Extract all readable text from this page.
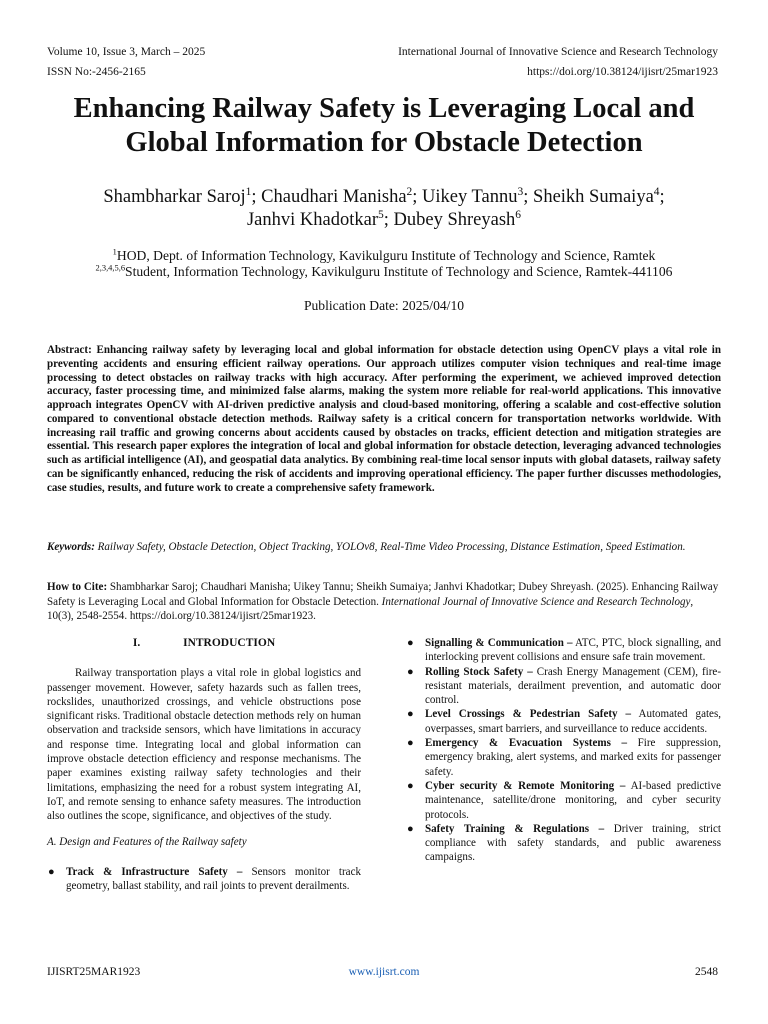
Volume 10, Issue 3, March – 2025
ISSN No:-2456-2165
International Journal of Innovative Science and Research Technology
https://doi.org/10.38124/ijisrt/25mar1923
Enhancing Railway Safety is Leveraging Local and
Global Information for Obstacle Detection
Shambharkar Saroj$^1$; Chaudhari Manisha$^2$; Uikey Tannu$^3$; Sheikh Sumaiya$^4$;
Janhvi Khadotkar$^5$; Dubey Shreyash$^6$
$^1$HOD, Dept. of Information Technology, Kavikulguru Institute of Technology and Science, Ramtek
$^{2,3,4,5,6}$Student, Information Technology, Kavikulguru Institute of Technology and Science, Ramtek-441106
Publication Date: 2025/04/10
Abstract: Enhancing railway safety by leveraging local and global information for obstacle detection using OpenCV plays a vital role in preventing accidents and ensuring efficient railway operations. Our approach utilizes computer vision techniques and real-time image processing to detect obstacles on railway tracks with high accuracy. After performing the experiment, we achieved improved detection accuracy, faster processing time, and minimized false alarms, making the system more reliable for real-world applications. This innovative approach integrates OpenCV with AI-driven predictive analysis and cloud-based monitoring, offering a scalable and cost-effective solution compared to conventional obstacle detection methods. Railway safety is a critical concern for transportation networks worldwide. With increasing rail traffic and growing concerns about accidents caused by obstacles on tracks, efficient detection and mitigation strategies are essential. This research paper explores the integration of local and global information for obstacle detection, leveraging advanced technologies such as artificial intelligence (AI), and geospatial data analytics. By combining real-time local sensor inputs with global datasets, railway safety can be significantly enhanced, reducing the risk of accidents and improving operational efficiency. The paper further discusses methodologies, case studies, results, and future work to create a comprehensive safety framework.
Keywords: Railway Safety, Obstacle Detection, Object Tracking, YOLOv8, Real-Time Video Processing, Distance Estimation, Speed Estimation.
How to Cite: Shambharkar Saroj; Chaudhari Manisha; Uikey Tannu; Sheikh Sumaiya; Janhvi Khadotkar; Dubey Shreyash. (2025). Enhancing Railway Safety is Leveraging Local and Global Information for Obstacle Detection. International Journal of Innovative Science and Research Technology, 10(3), 2548-2554. https://doi.org/10.38124/ijisrt/25mar1923.
I.	INTRODUCTION

Railway transportation plays a vital role in global logistics and passenger movement. However, safety hazards such as fallen trees, rockslides, unauthorized crossings, and vehicle obstructions pose significant risks. Traditional obstacle detection methods rely on human observation and trackside sensors, which have limitations in accuracy and response time. Integrating local and global information can improve obstacle detection efficiency and response mechanisms. The paper examines existing railway safety technologies and their limitations, emphasizing the need for a robust system integrating AI, IoT, and remote sensing to enhance safety measures. The introduction also outlines the scope, significance, and objectives of the study.

A. Design and Features of the Railway safety
● Track & Infrastructure Safety – Sensors monitor track geometry, ballast stability, and rail joints to prevent derailments.
● Signalling & Communication – ATC, PTC, block signalling, and interlocking prevent collisions and ensure safe train movement.
● Rolling Stock Safety – Crash Energy Management (CEM), fire-resistant materials, derailment prevention, and automatic door control.
● Level Crossings & Pedestrian Safety – Automated gates, overpasses, smart barriers, and surveillance to reduce accidents.
● Emergency & Evacuation Systems – Fire suppression, emergency braking, alert systems, and marked exits for passenger safety.
● Cyber security & Remote Monitoring – AI-based predictive maintenance, satellite/drone monitoring, and cyber security protocols.
● Safety Training & Regulations – Driver training, strict compliance with safety standards, and public awareness campaigns.
IJISRT25MAR1923	www.ijisrt.com	2548
